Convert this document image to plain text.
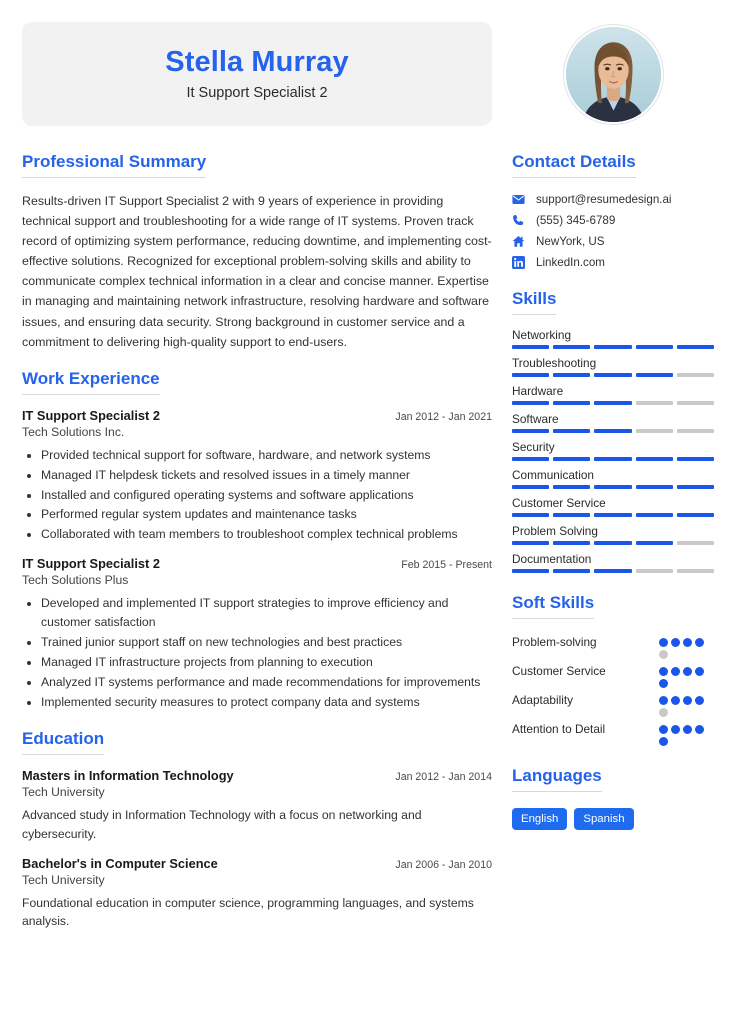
Stella Murray
It Support Specialist 2
Professional Summary
Results-driven IT Support Specialist 2 with 9 years of experience in providing technical support and troubleshooting for a wide range of IT systems. Proven track record of optimizing system performance, reducing downtime, and implementing cost-effective solutions. Recognized for exceptional problem-solving skills and ability to communicate complex technical information in a clear and concise manner. Expertise in managing and maintaining network infrastructure, resolving hardware and software issues, and ensuring data security. Strong background in customer service and a commitment to delivering high-quality support to end-users.
Work Experience
IT Support Specialist 2	Jan 2012 - Jan 2021
Tech Solutions Inc.
• Provided technical support for software, hardware, and network systems
• Managed IT helpdesk tickets and resolved issues in a timely manner
• Installed and configured operating systems and software applications
• Performed regular system updates and maintenance tasks
• Collaborated with team members to troubleshoot complex technical problems
IT Support Specialist 2	Feb 2015 - Present
Tech Solutions Plus
• Developed and implemented IT support strategies to improve efficiency and customer satisfaction
• Trained junior support staff on new technologies and best practices
• Managed IT infrastructure projects from planning to execution
• Analyzed IT systems performance and made recommendations for improvements
• Implemented security measures to protect company data and systems
Education
Masters in Information Technology	Jan 2012 - Jan 2014
Tech University
Advanced study in Information Technology with a focus on networking and cybersecurity.
Bachelor's in Computer Science	Jan 2006 - Jan 2010
Tech University
Foundational education in computer science, programming languages, and systems analysis.
Contact Details
support@resumedesign.ai
(555) 345-6789
NewYork, US
LinkedIn.com
Skills
Networking
Troubleshooting
Hardware
Software
Security
Communication
Customer Service
Problem Solving
Documentation
Soft Skills
Problem-solving
Customer Service
Adaptability
Attention to Detail
Languages
English	Spanish
